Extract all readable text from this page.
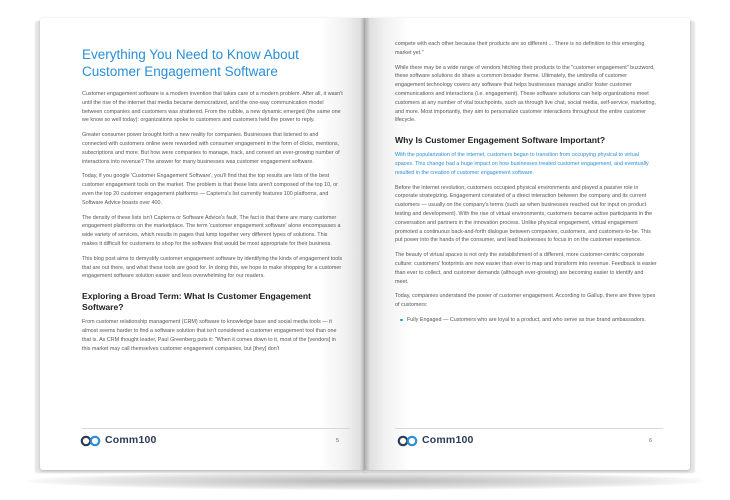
Everything You Need to Know About Customer Engagement Software

Customer engagement software is a modern invention that takes care of a modern problem. After all, it wasn't until the rise of the internet that media became democratized, and the one-way communication model between companies and customers was shattered. From the rubble, a new dynamic emerged (the same one we know so well today): organizations spoke to customers and customers held the power to reply.

Greater consumer power brought forth a new reality for companies. Businesses that listened to and connected with customers online were rewarded with consumer engagement in the form of clicks, mentions, subscriptions and more. But how were companies to manage, track, and convert an ever-growing number of interactions into revenue? The answer for many businesses was customer engagement software.

Today, if you google 'Customer Engagement Software', you'll find that the top results are lists of the best customer engagement tools on the market. The problem is that these lists aren't composed of the top 10, or even the top 20 customer engagement platforms — Capterra's list currently features 100 platforms, and Software Advice boasts over 400.

The density of these lists isn't Capterra or Software Advice's fault. The fact is that there are many customer engagement platforms on the marketplace. The term 'customer engagement software' alone encompasses a wide variety of services, which results in pages that lump together very different types of solutions. This makes it difficult for customers to shop for the software that would be most appropriate for their business.

This blog post aims to demystify customer engagement software by identifying the kinds of engagement tools that are out there, and what these tools are good for. In doing this, we hope to make shopping for a customer engagement software solution easier and less overwhelming for our readers.

Exploring a Broad Term: What Is Customer Engagement Software?

From customer relationship management (CRM) software to knowledge base and social media tools — it almost seems harder to find a software solution that isn't considered a customer engagement tool than one that is. As CRM thought leader, Paul Greenberg puts it: "When it comes down to it, most of the [vendors] in this market may call themselves customer engagement companies, but [they] don't

Comm100	5

compete with each other because their products are so different ... There is no definition to this emerging market yet."

While there may be a wide range of vendors hitching their products to the "customer engagement" buzzword, these software solutions do share a common broader theme. Ultimately, the umbrella of customer engagement technology covers any software that helps businesses manage and/or foster customer communications and interactions (i.e. engagement). These software solutions can help organizations meet customers at any number of vital touchpoints, such as through live chat, social media, self-service, marketing, and more. Most importantly, they aim to personalize customer interactions throughout the entire customer lifecycle.

Why Is Customer Engagement Software Important?

With the popularization of the internet, customers began to transition from occupying physical to virtual spaces. This change had a huge impact on how businesses treated customer engagement, and eventually resulted in the creation of customer engagement software.

Before the internet revolution, customers occupied physical environments and played a passive role in corporate strategizing. Engagement consisted of a direct interaction between the company and its current customers — usually on the company's terms (such as when businesses reached out for input on product testing and development). With the rise of virtual environments, customers became active participants in the conversation and partners in the innovation process. Unlike physical engagement, virtual engagement promoted a continuous back-and-forth dialogue between companies, customers, and customers-to-be. This put power into the hands of the consumer, and lead businesses to focus in on the customer experience.

The beauty of virtual spaces is not only the establishment of a different, more customer-centric corporate culture: customers' footprints are now easier than ever to map and transform into revenue. Feedback is easier than ever to collect, and customer demands (although ever-growing) are becoming easier to identify and meet.

Today, companies understand the power of customer engagement. According to Gallup, there are three types of customers:

Fully Engaged — Customers who are loyal to a product, and who serve as true brand ambassadors.
Comm100	6
